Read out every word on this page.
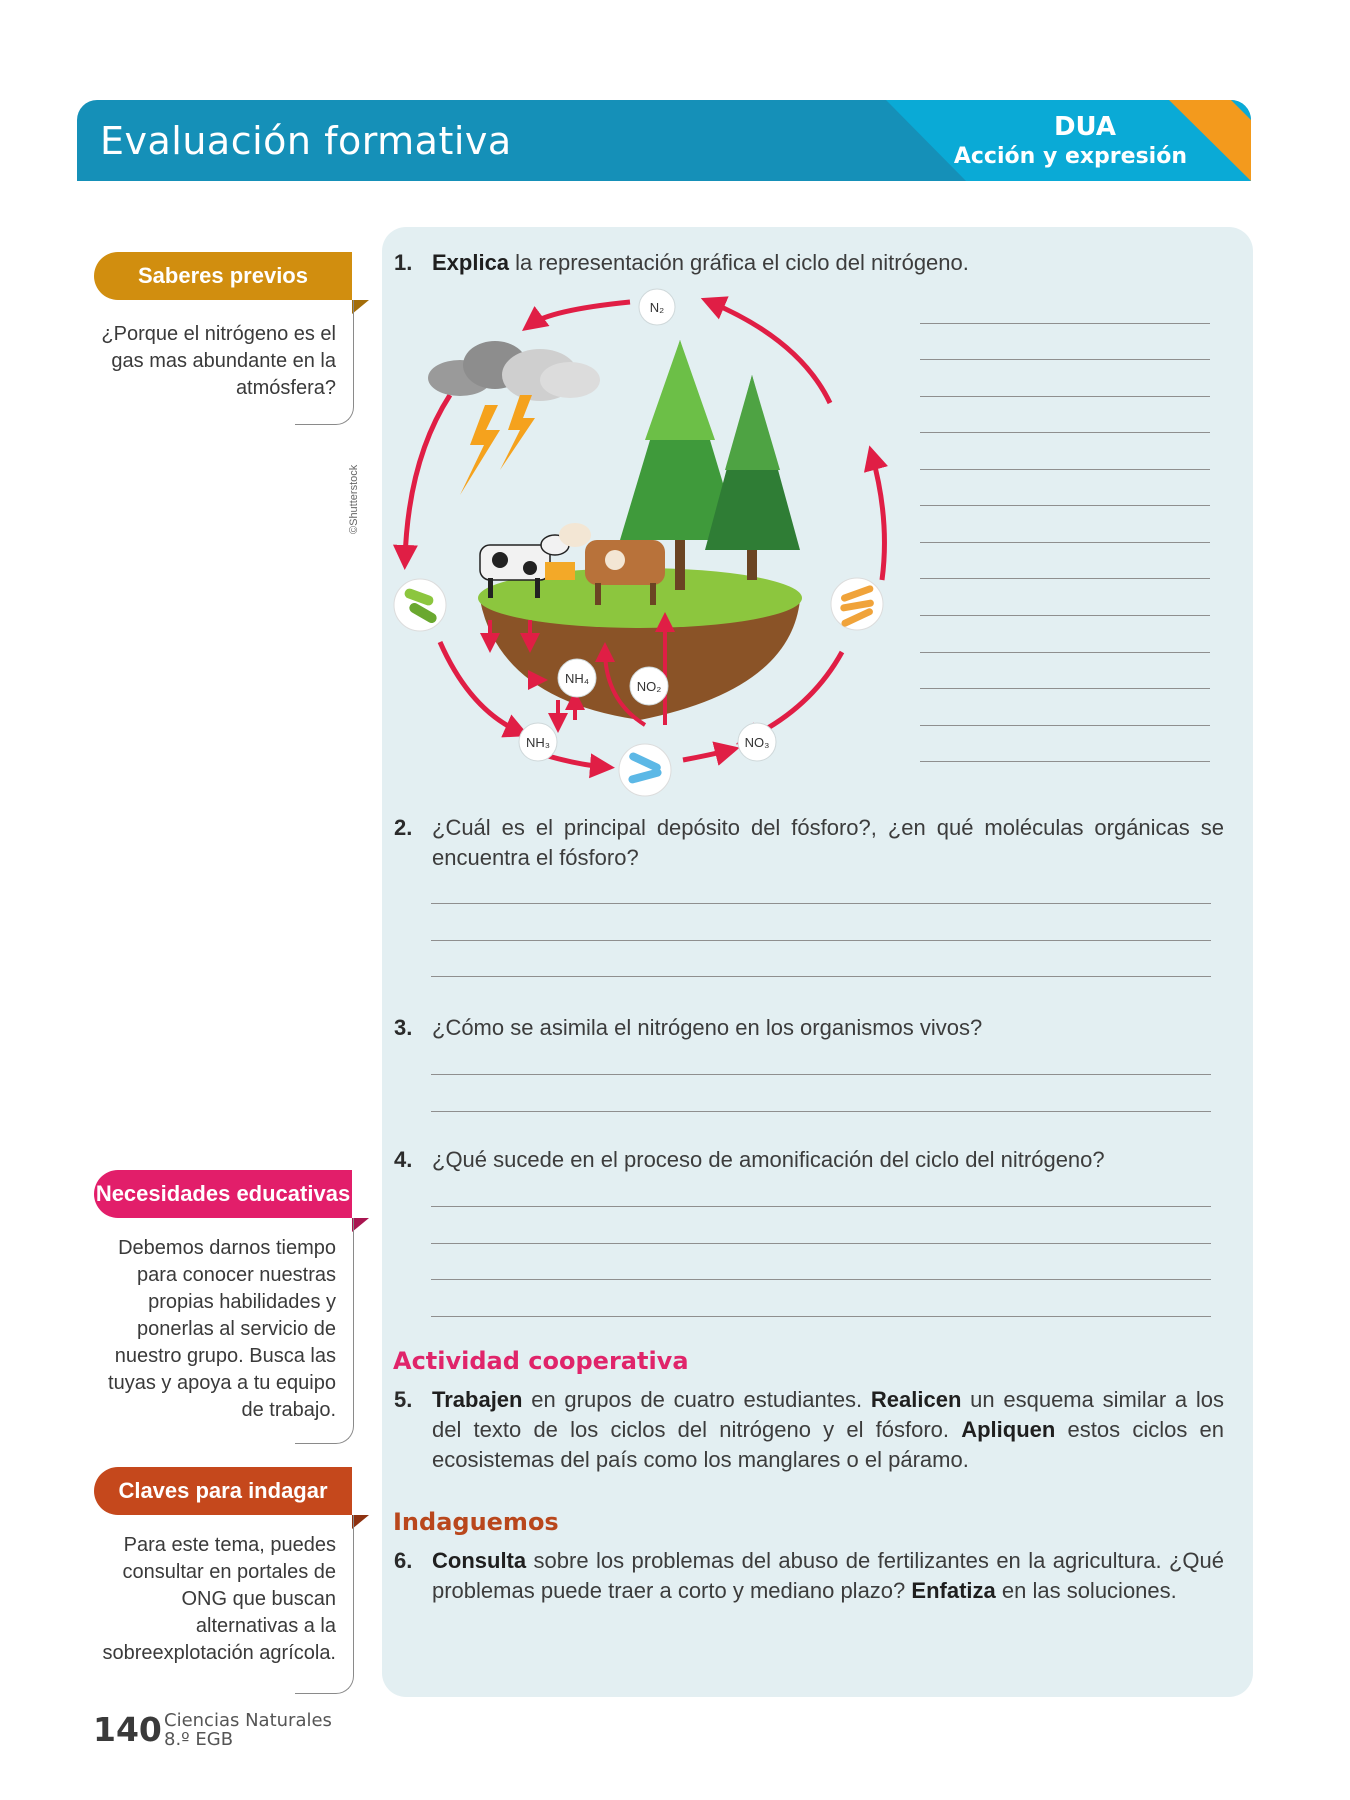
Evaluación formativa	DUA
Acción y expresión
Saberes previos
¿Porque el nitrógeno es el
gas mas abundante en la
atmósfera?
Necesidades educativas
Debemos darnos tiempo
para conocer nuestras
propias habilidades y
ponerlas al servicio de
nuestro grupo. Busca las
tuyas y apoya a tu equipo
de trabajo.
Claves para indagar
Para este tema, puedes
consultar en portales de
ONG que buscan
alternativas a la
sobreexplotación agrícola.
©Shutterstock
1. Explica la representación gráfica el ciclo del nitrógeno.
N₂
NH₄
NO₂
NH₃	NO₃
2. ¿Cuál es el principal depósito del fósforo?, ¿en qué moléculas orgánicas se encuentra el fósforo?
3. ¿Cómo se asimila el nitrógeno en los organismos vivos?
4. ¿Qué sucede en el proceso de amonificación del ciclo del nitrógeno?
Actividad cooperativa
5. Trabajen en grupos de cuatro estudiantes. Realicen un esquema similar a los del texto de los ciclos del nitrógeno y el fósforo. Apliquen estos ciclos en ecosistemas del país como los manglares o el páramo.
Indaguemos
6. Consulta sobre los problemas del abuso de fertilizantes en la agricultura. ¿Qué problemas puede traer a corto y mediano plazo? Enfatiza en las soluciones.
140 Ciencias Naturales
8.º EGB
